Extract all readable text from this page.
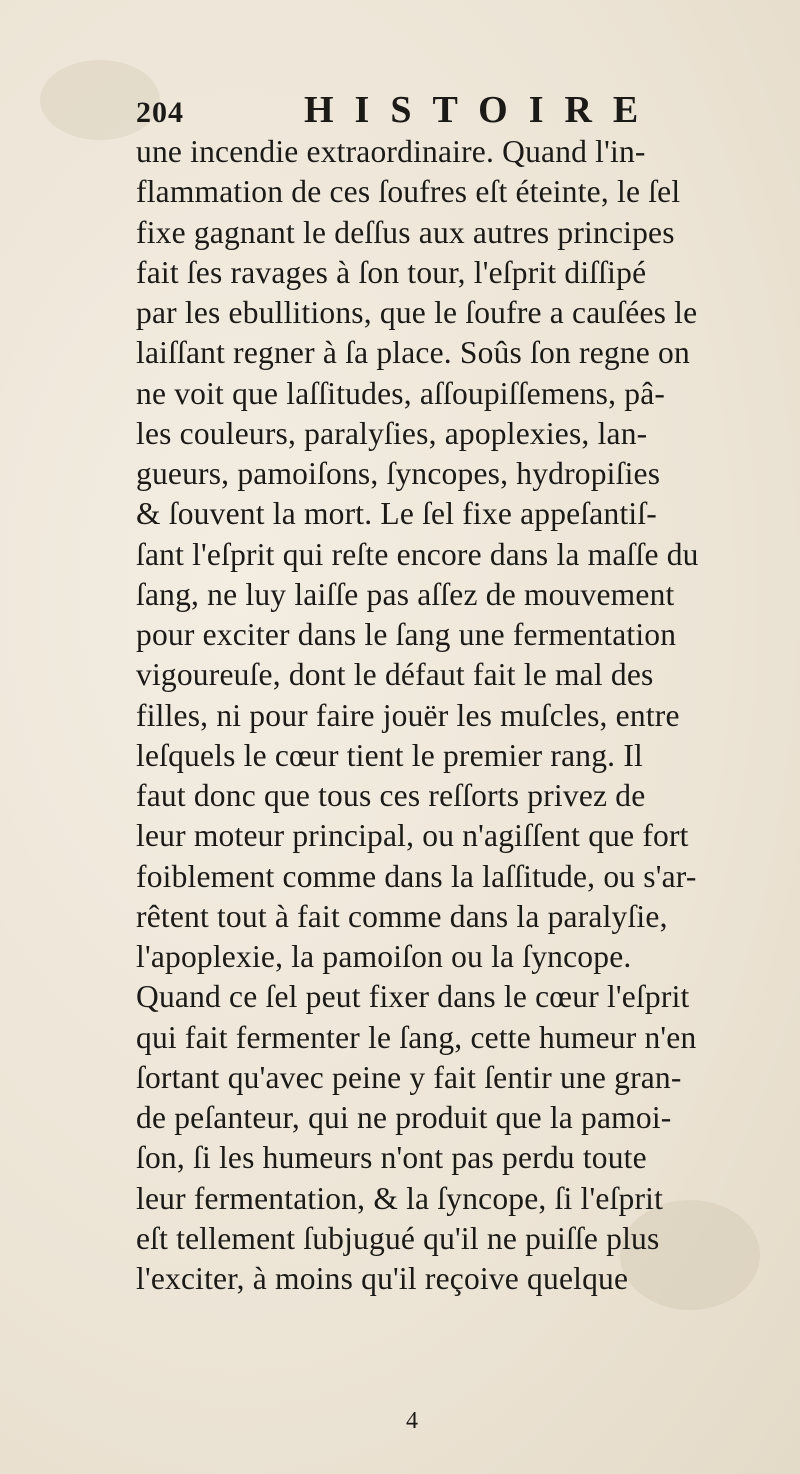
204	HISTOIRE
une incendie extraordinaire. Quand l'in-
flammation de ces ſoufres eſt éteinte, le ſel
fixe gagnant le deſſus aux autres principes
fait ſes ravages à ſon tour, l'eſprit diſſipé
par les ebullitions, que le ſoufre a cauſées le
laiſſant regner à ſa place. Soûs ſon regne on
ne voit que laſſitudes, aſſoupiſſemens, pâ-
les couleurs, paralyſies, apoplexies, lan-
gueurs, pamoiſons, ſyncopes, hydropiſies
& ſouvent la mort. Le ſel fixe appeſantiſ-
ſant l'eſprit qui reſte encore dans la maſſe du
ſang, ne luy laiſſe pas aſſez de mouvement
pour exciter dans le ſang une fermentation
vigoureuſe, dont le défaut fait le mal des
filles, ni pour faire jouër les muſcles, entre
leſquels le cœur tient le premier rang. Il
faut donc que tous ces reſſorts privez de
leur moteur principal, ou n'agiſſent que fort
foiblement comme dans la laſſitude, ou s'ar-
rêtent tout à fait comme dans la paralyſie,
l'apoplexie, la pamoiſon ou la ſyncope.
Quand ce ſel peut fixer dans le cœur l'eſprit
qui fait fermenter le ſang, cette humeur n'en
ſortant qu'avec peine y fait ſentir une gran-
de peſanteur, qui ne produit que la pamoi-
ſon, ſi les humeurs n'ont pas perdu toute
leur fermentation, & la ſyncope, ſi l'eſprit
eſt tellement ſubjugué qu'il ne puiſſe plus
l'exciter, à moins qu'il reçoive quelque
4
